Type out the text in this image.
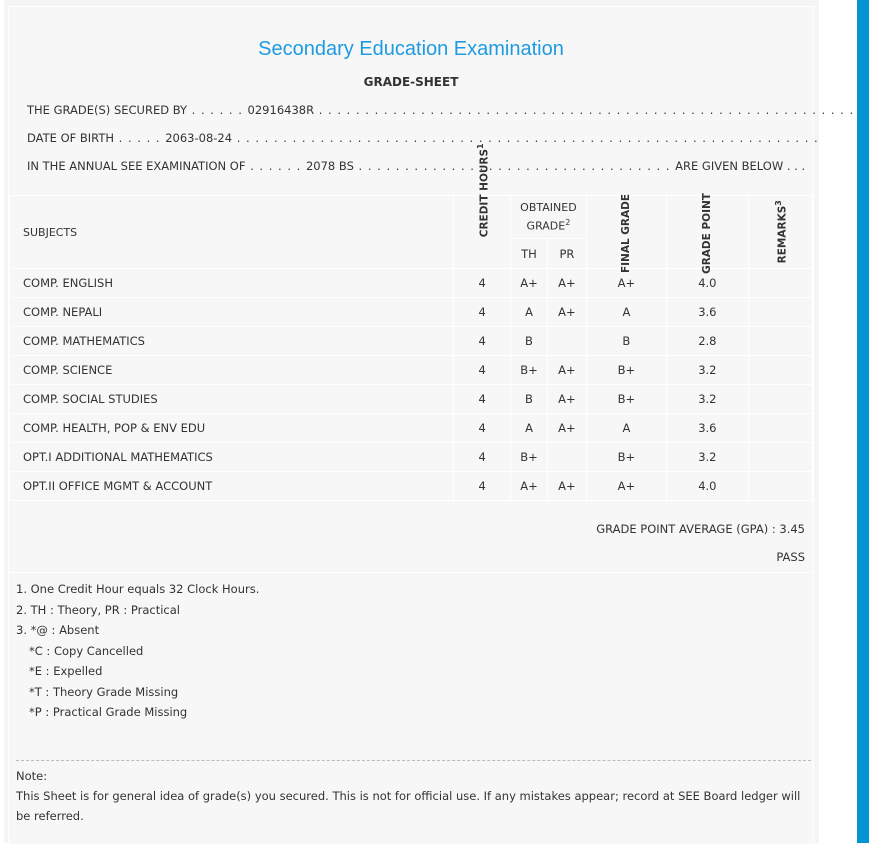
Secondary Education Examination
GRADE-SHEET
THE GRADE(S) SECURED BY . . . . . . 02916438R . . . . . . . . . . . . . . . . . . . . . . . . . . . . . . . . . . . . . . . . . . . . . . . . . . . . . . . . . .
DATE OF BIRTH . . . . . 2063-08-24 . . . . . . . . . . . . . . . . . . . . . . . . . . . . . . . . . . . . . . . . . . . . . . . . . . . . . . . . . . . . . . .
IN THE ANNUAL SEE EXAMINATION OF . . . . . . 2078 BS . . . . . . . . . . . . . . . . . . . . . . . . . . . . . . . . . . ARE GIVEN BELOW . . .
SUBJECTS	CREDIT HOURS$^1$	OBTAINED GRADE$^2$		FINAL GRADE	GRADE POINT	REMARKS$^3$
		TH	PR			
COMP. ENGLISH	4	A+	A+	A+	4.0	
COMP. NEPALI	4	A	A+	A	3.6	
COMP. MATHEMATICS	4	B		B	2.8	
COMP. SCIENCE	4	B+	A+	B+	3.2	
COMP. SOCIAL STUDIES	4	B	A+	B+	3.2	
COMP. HEALTH, POP & ENV EDU	4	A	A+	A	3.6	
OPT.I ADDITIONAL MATHEMATICS	4	B+		B+	3.2	
OPT.II OFFICE MGMT & ACCOUNT	4	A+	A+	A+	4.0	
GRADE POINT AVERAGE (GPA) : 3.45
PASS
1. One Credit Hour equals 32 Clock Hours.
2. TH : Theory, PR : Practical
3. *@ : Absent
*C : Copy Cancelled
*E : Expelled
*T : Theory Grade Missing
*P : Practical Grade Missing
Note:
This Sheet is for general idea of grade(s) you secured. This is not for official use. If any mistakes appear; record at SEE Board ledger will be referred.
